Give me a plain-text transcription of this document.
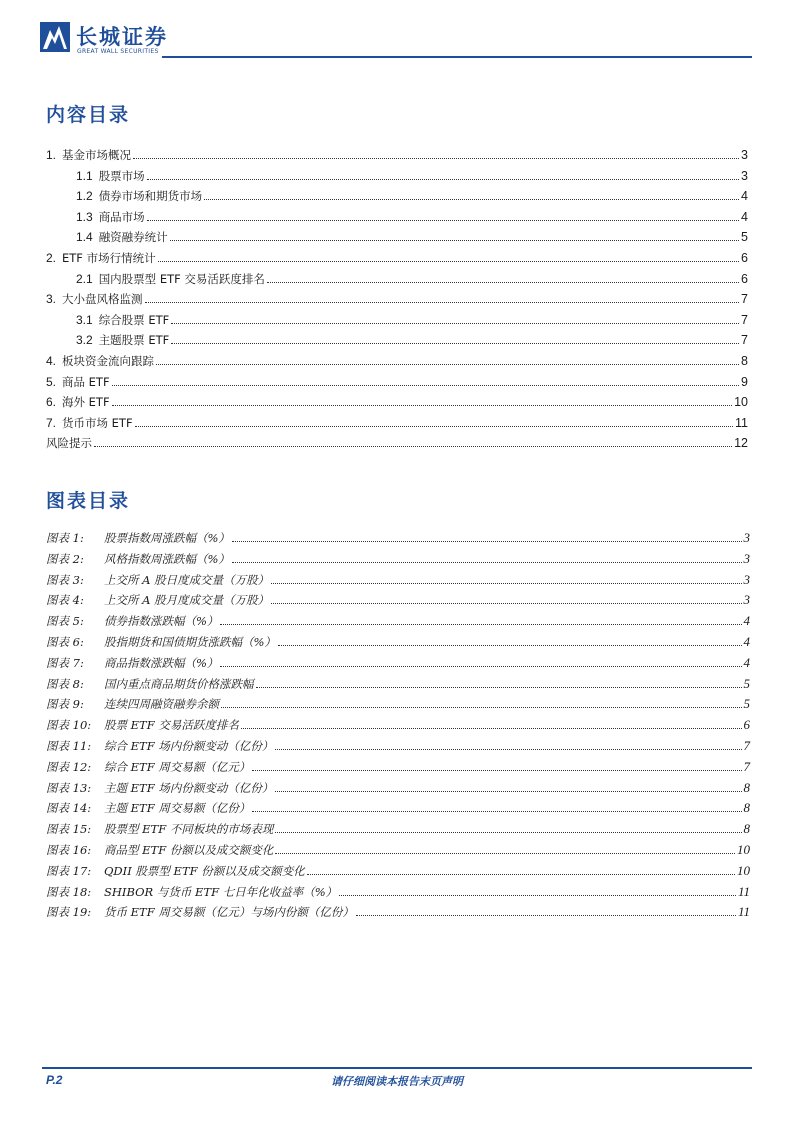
长城证券
GREAT WALL SECURITIES
内容目录
1. 基金市场概况	3
1.1 股票市场	3
1.2 债券市场和期货市场	4
1.3 商品市场	4
1.4 融资融券统计	5
2. ETF 市场行情统计	6
2.1 国内股票型 ETF 交易活跃度排名	6
3. 大小盘风格监测	7
3.1 综合股票 ETF	7
3.2 主题股票 ETF	7
4. 板块资金流向跟踪	8
5. 商品 ETF	9
6. 海外 ETF	10
7. 货币市场 ETF	11
风险提示	12
图表目录
图表 1:	股票指数周涨跌幅（%）	3
图表 2:	风格指数周涨跌幅（%）	3
图表 3:	上交所 A 股日度成交量（万股）	3
图表 4:	上交所 A 股月度成交量（万股）	3
图表 5:	债券指数涨跌幅（%）	4
图表 6:	股指期货和国债期货涨跌幅（%）	4
图表 7:	商品指数涨跌幅（%）	4
图表 8:	国内重点商品期货价格涨跌幅	5
图表 9:	连续四周融资融券余额	5
图表 10:	股票 ETF 交易活跃度排名	6
图表 11:	综合 ETF 场内份额变动（亿份）	7
图表 12:	综合 ETF 周交易额（亿元）	7
图表 13:	主题 ETF 场内份额变动（亿份）	8
图表 14:	主题 ETF 周交易额（亿份）	8
图表 15:	股票型 ETF 不同板块的市场表现	8
图表 16:	商品型 ETF 份额以及成交额变化	10
图表 17:	QDII 股票型 ETF 份额以及成交额变化	10
图表 18:	SHIBOR 与货币 ETF 七日年化收益率（%）	11
图表 19:	货币 ETF 周交易额（亿元）与场内份额（亿份）	11
P.2	请仔细阅读本报告末页声明
